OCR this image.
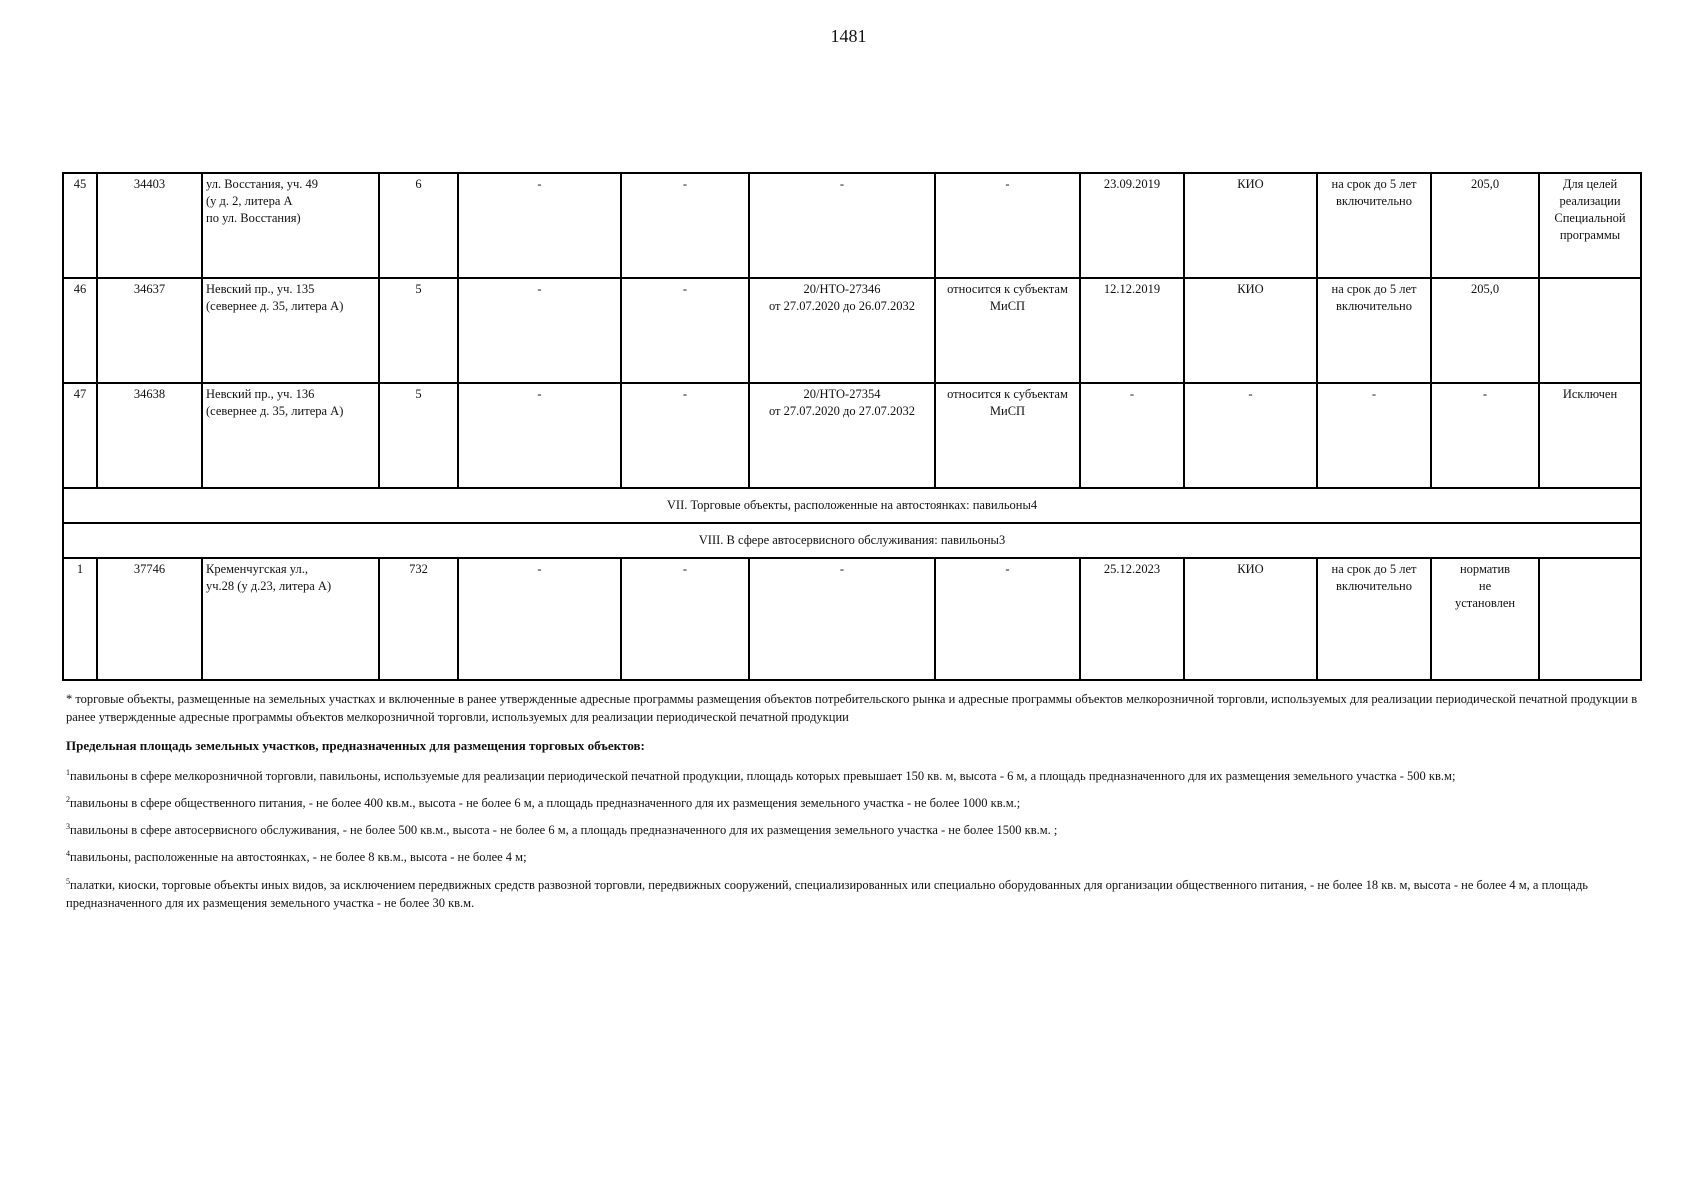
1481
45	34403	ул. Восстания, уч. 49
(у д. 2, литера А
по ул. Восстания)	6	-	-	-	-	23.09.2019	КИО	на срок до 5 лет
включительно	205,0	Для целей
реализации
Специальной
программы
46	34637	Невский пр., уч. 135
(севернее д. 35, литера А)	5	-	-	20/НТО-27346
от 27.07.2020 до 26.07.2032	относится к субъектам
МиСП	12.12.2019	КИО	на срок до 5 лет
включительно	205,0	
47	34638	Невский пр., уч. 136
(севернее д. 35, литера А)	5	-	-	20/НТО-27354
от 27.07.2020 до 27.07.2032	относится к субъектам
МиСП	-	-	-	-	Исключен
VII. Торговые объекты, расположенные на автостоянках: павильоны4												
VIII. В сфере автосервисного обслуживания: павильоны3												
1	37746	Кременчугская ул.,
уч.28 (у д.23, литера А)	732	-	-	-	-	25.12.2023	КИО	на срок до 5 лет
включительно	норматив
не
установлен	

* торговые объекты, размещенные на земельных участках и включенные в ранее утвержденные адресные программы размещения объектов потребительского рынка и адресные программы объектов мелкорозничной торговли, используемых для реализации периодической печатной продукции в ранее утвержденные адресные программы объектов мелкорозничной торговли, используемых для реализации периодической печатной продукции

Предельная площадь земельных участков, предназначенных для размещения торговых объектов:

$^1$павильоны в сфере мелкорозничной торговли, павильоны, используемые для реализации периодической печатной продукции, площадь которых превышает 150 кв. м, высота - 6 м, а площадь предназначенного для их размещения земельного участка - 500 кв.м;

$^2$павильоны в сфере общественного питания, - не более 400 кв.м., высота - не более 6 м, а площадь предназначенного для их размещения земельного участка - не более 1000 кв.м.;

$^3$павильоны в сфере автосервисного обслуживания, - не более 500 кв.м., высота - не более 6 м, а площадь предназначенного для их размещения земельного участка - не более 1500 кв.м. ;

$^4$павильоны, расположенные на автостоянках, - не более 8 кв.м., высота - не более 4 м;

$^5$палатки, киоски, торговые объекты иных видов, за исключением передвижных средств развозной торговли, передвижных сооружений, специализированных или специально оборудованных для организации общественного питания, - не более 18 кв. м, высота - не более 4 м, а площадь предназначенного для их размещения земельного участка - не более 30 кв.м.
